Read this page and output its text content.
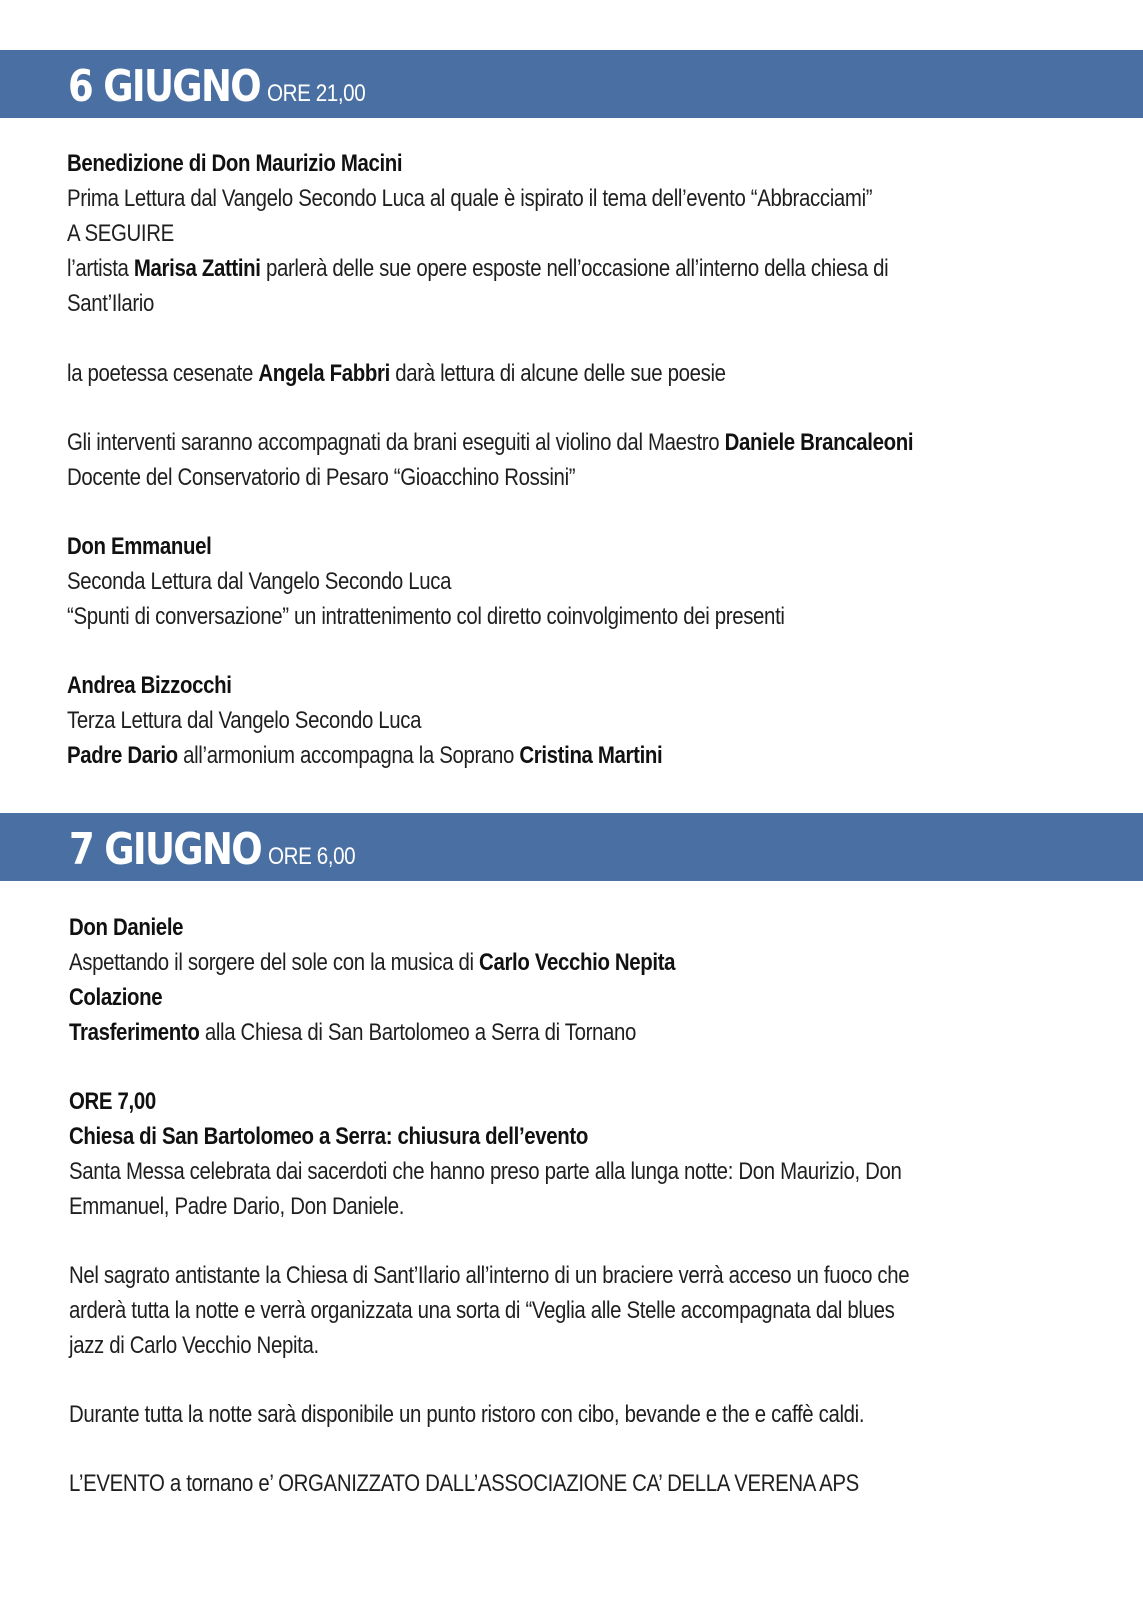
6 GIUGNO ORE 21,00
Benedizione di Don Maurizio Macini
Prima Lettura dal Vangelo Secondo Luca al quale è ispirato il tema dell’evento “Abbracciami”
A SEGUIRE
l’artista Marisa Zattini parlerà delle sue opere esposte nell’occasione all’interno della chiesa di
Sant’Ilario
la poetessa cesenate Angela Fabbri darà lettura di alcune delle sue poesie
Gli interventi saranno accompagnati da brani eseguiti al violino dal Maestro Daniele Brancaleoni
Docente del Conservatorio di Pesaro “Gioacchino Rossini”
Don Emmanuel
Seconda Lettura dal Vangelo Secondo Luca
“Spunti di conversazione” un intrattenimento col diretto coinvolgimento dei presenti
Andrea Bizzocchi
Terza Lettura dal Vangelo Secondo Luca
Padre Dario all’armonium accompagna la Soprano Cristina Martini
7 GIUGNO ORE 6,00
Don Daniele
Aspettando il sorgere del sole con la musica di Carlo Vecchio Nepita
Colazione
Trasferimento alla Chiesa di San Bartolomeo a Serra di Tornano
ORE 7,00
Chiesa di San Bartolomeo a Serra: chiusura dell’evento
Santa Messa celebrata dai sacerdoti che hanno preso parte alla lunga notte: Don Maurizio, Don
Emmanuel, Padre Dario, Don Daniele.
Nel sagrato antistante la Chiesa di Sant’Ilario all’interno di un braciere verrà acceso un fuoco che
arderà tutta la notte e verrà organizzata una sorta di “Veglia alle Stelle accompagnata dal blues
jazz di Carlo Vecchio Nepita.
Durante tutta la notte sarà disponibile un punto ristoro con cibo, bevande e the e caffè caldi.
L’EVENTO a tornano e’ ORGANIZZATO DALL’ASSOCIAZIONE CA’ DELLA VERENA APS
